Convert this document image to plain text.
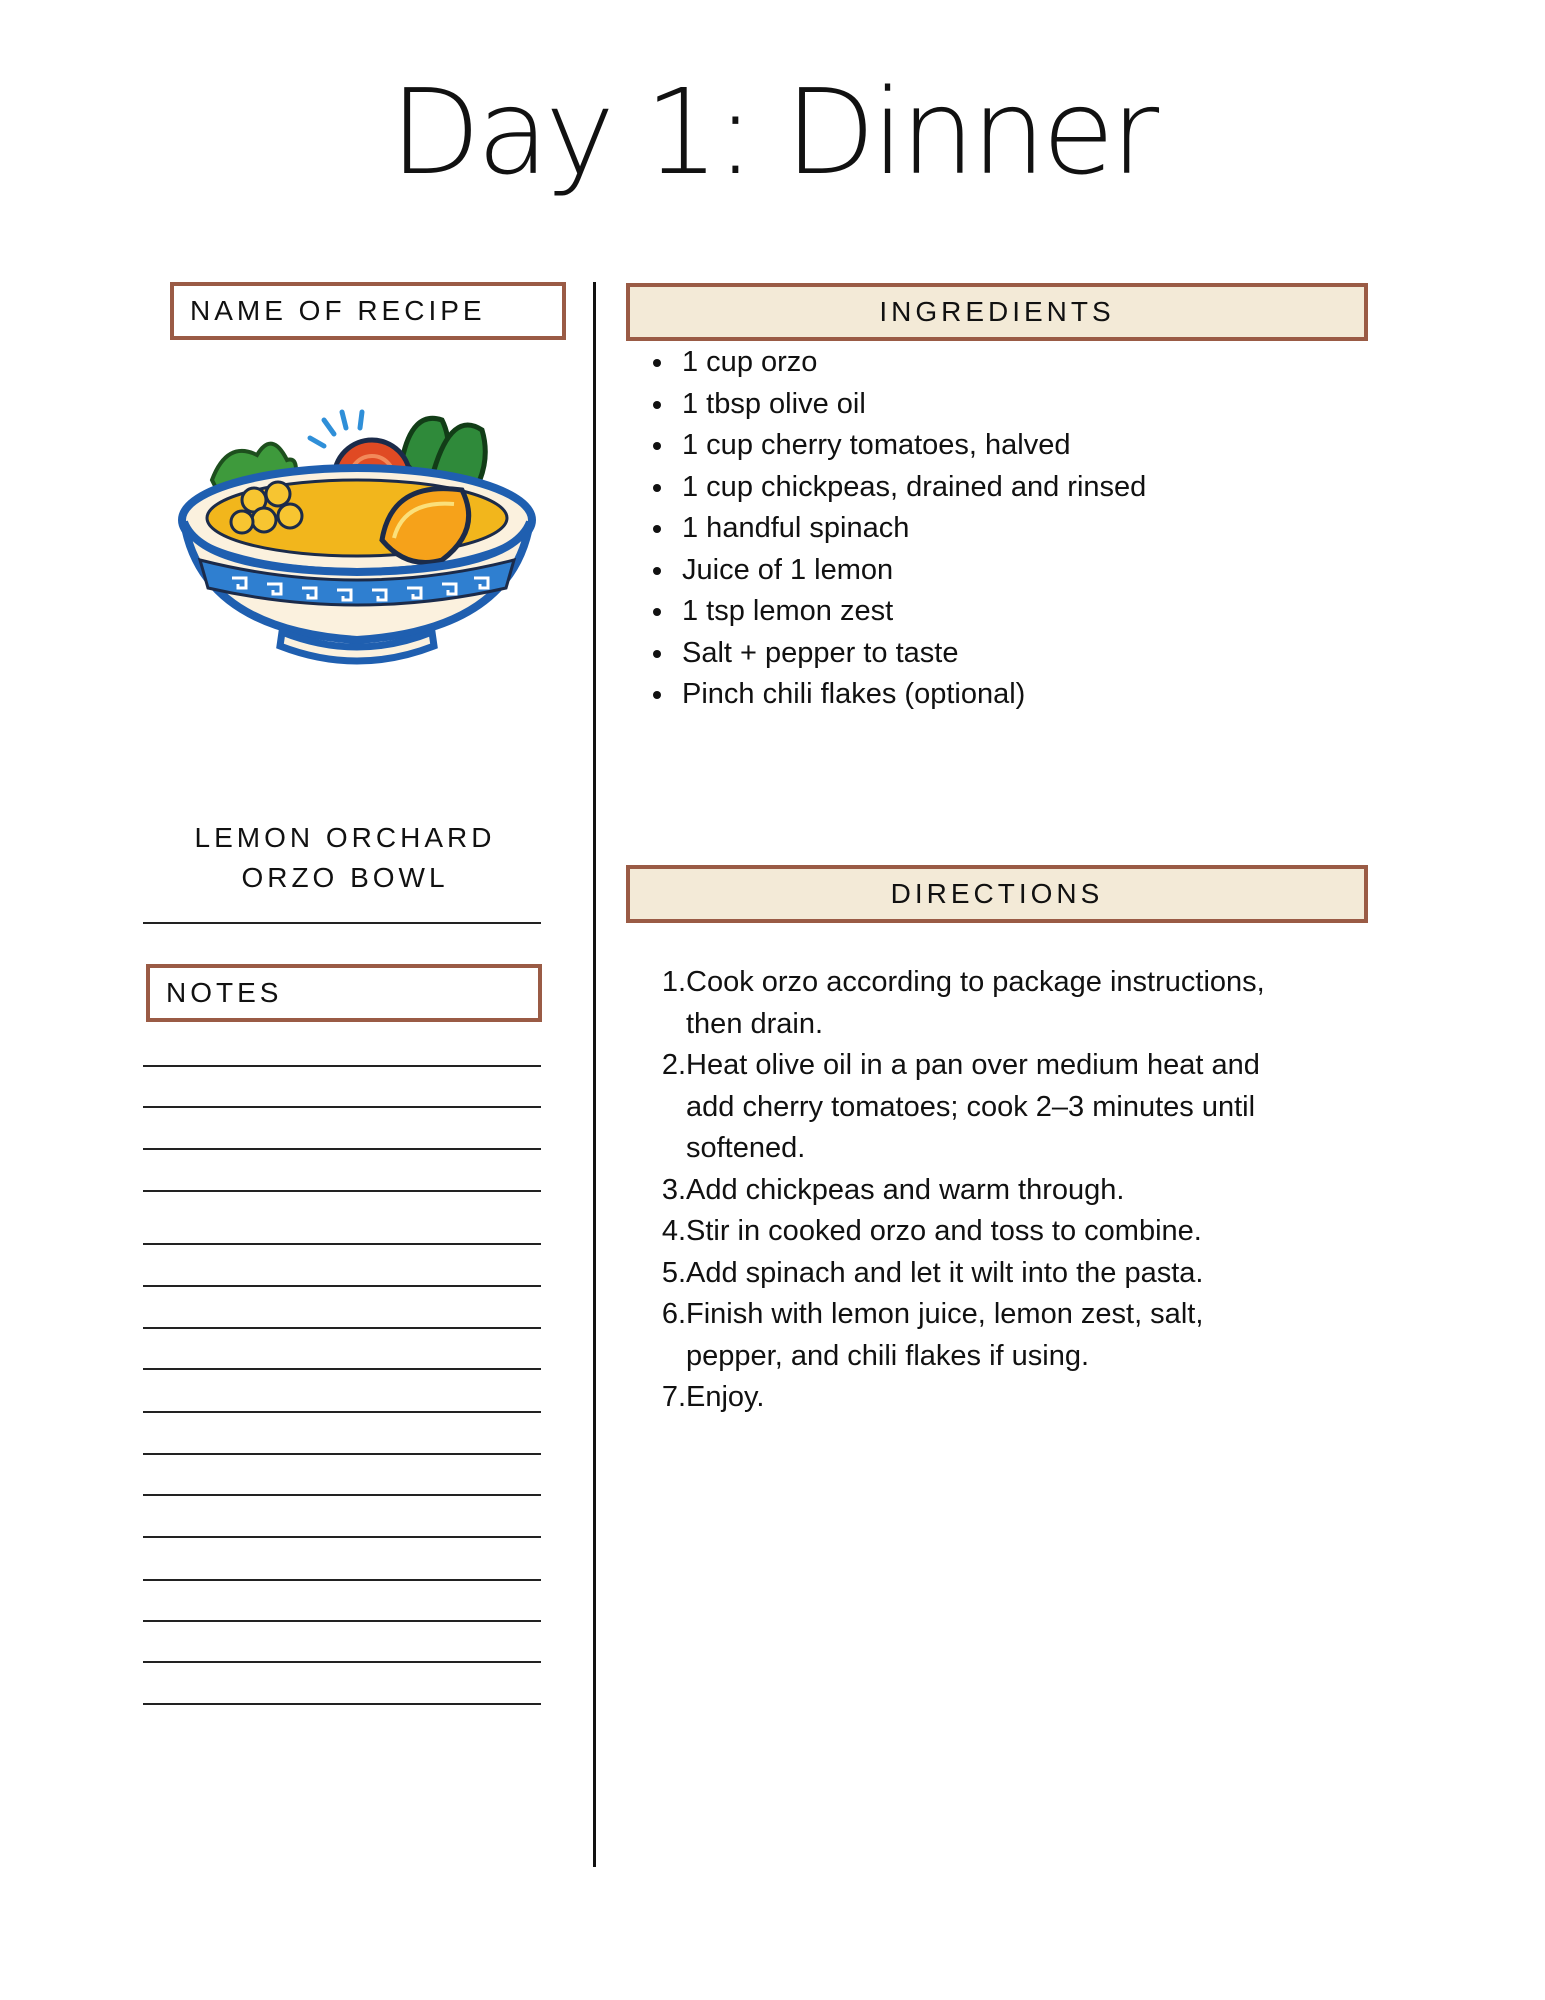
Day 1: Dinner
NAME OF RECIPE
LEMON ORCHARD
ORZO BOWL
NOTES
INGREDIENTS
• 1 cup orzo
• 1 tbsp olive oil
• 1 cup cherry tomatoes, halved
• 1 cup chickpeas, drained and rinsed
• 1 handful spinach
• Juice of 1 lemon
• 1 tsp lemon zest
• Salt + pepper to taste
• Pinch chili flakes (optional)
DIRECTIONS
1. Cook orzo according to package instructions,
then drain.
2. Heat olive oil in a pan over medium heat and
add cherry tomatoes; cook 2–3 minutes until
softened.
3. Add chickpeas and warm through.
4. Stir in cooked orzo and toss to combine.
5. Add spinach and let it wilt into the pasta.
6. Finish with lemon juice, lemon zest, salt,
pepper, and chili flakes if using.
7. Enjoy.
